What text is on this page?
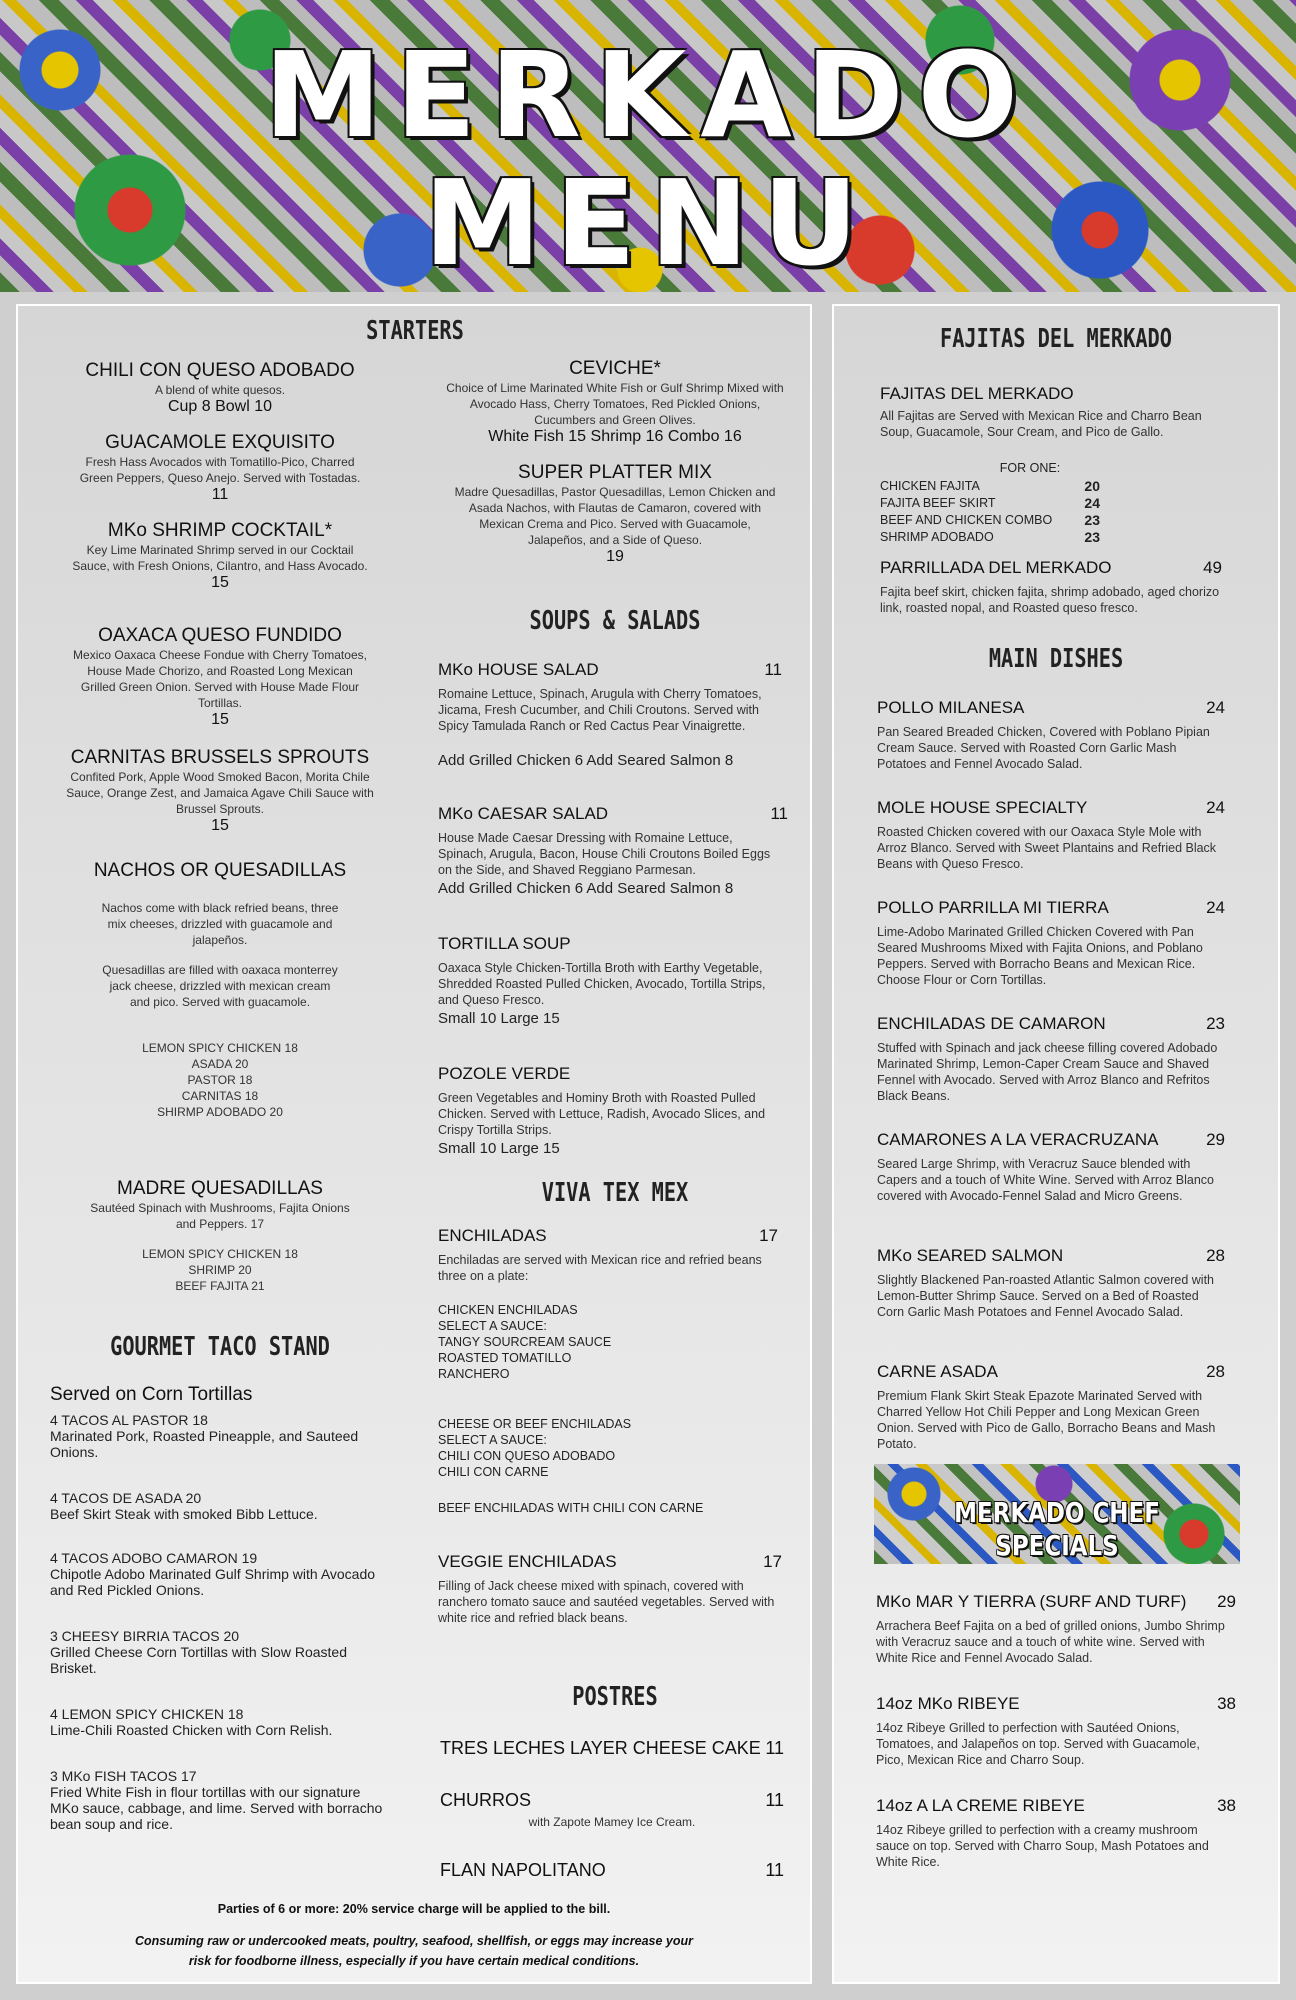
MERKADO
MENU
STARTERS
CHILI CON QUESO ADOBADO
A blend of white quesos.
Cup 8 Bowl 10
GUACAMOLE EXQUISITO
Fresh Hass Avocados with Tomatillo-Pico, Charred Green Peppers, Queso Anejo. Served with Tostadas.
11
MKo SHRIMP COCKTAIL*
Key Lime Marinated Shrimp served in our Cocktail Sauce, with Fresh Onions, Cilantro, and Hass Avocado.
15
OAXACA QUESO FUNDIDO
Mexico Oaxaca Cheese Fondue with Cherry Tomatoes, House Made Chorizo, and Roasted Long Mexican Grilled Green Onion. Served with House Made Flour Tortillas.
15
CARNITAS BRUSSELS SPROUTS
Confited Pork, Apple Wood Smoked Bacon, Morita Chile Sauce, Orange Zest, and Jamaica Agave Chili Sauce with Brussel Sprouts.
15
NACHOS OR QUESADILLAS
Nachos come with black refried beans, three mix cheeses, drizzled with guacamole and jalapeños.
Quesadillas are filled with oaxaca monterrey jack cheese, drizzled with mexican cream and pico. Served with guacamole.
LEMON SPICY CHICKEN 18
ASADA 20
PASTOR 18
CARNITAS 18
SHIRMP ADOBADO 20
MADRE QUESADILLAS
Sautéed Spinach with Mushrooms, Fajita Onions and Peppers. 17
LEMON SPICY CHICKEN 18
SHRIMP 20
BEEF FAJITA 21
CEVICHE*
Choice of Lime Marinated White Fish or Gulf Shrimp Mixed with Avocado Hass, Cherry Tomatoes, Red Pickled Onions, Cucumbers and Green Olives.
White Fish 15 Shrimp 16 Combo 16
SUPER PLATTER MIX
Madre Quesadillas, Pastor Quesadillas, Lemon Chicken and Asada Nachos, with Flautas de Camaron, covered with Mexican Crema and Pico. Served with Guacamole, Jalapeños, and a Side of Queso.
19
GOURMET TACO STAND
Served on Corn Tortillas
4 TACOS AL PASTOR 18
Marinated Pork, Roasted Pineapple, and Sauteed Onions.
4 TACOS DE ASADA 20
Beef Skirt Steak with smoked Bibb Lettuce.
4 TACOS ADOBO CAMARON 19
Chipotle Adobo Marinated Gulf Shrimp with Avocado and Red Pickled Onions.
3 CHEESY BIRRIA TACOS 20
Grilled Cheese Corn Tortillas with Slow Roasted Brisket.
4 LEMON SPICY CHICKEN 18
Lime-Chili Roasted Chicken with Corn Relish.
3 MKo FISH TACOS 17
Fried White Fish in flour tortillas with our signature MKo sauce, cabbage, and lime. Served with borracho bean soup and rice.
SOUPS & SALADS
MKo HOUSE SALAD	11
Romaine Lettuce, Spinach, Arugula with Cherry Tomatoes, Jicama, Fresh Cucumber, and Chili Croutons. Served with Spicy Tamulada Ranch or Red Cactus Pear Vinaigrette.
Add Grilled Chicken 6 Add Seared Salmon 8
MKo CAESAR SALAD	11
House Made Caesar Dressing with Romaine Lettuce, Spinach, Arugula, Bacon, House Chili Croutons Boiled Eggs on the Side, and Shaved Reggiano Parmesan.
Add Grilled Chicken 6 Add Seared Salmon 8
TORTILLA SOUP
Oaxaca Style Chicken-Tortilla Broth with Earthy Vegetable, Shredded Roasted Pulled Chicken, Avocado, Tortilla Strips, and Queso Fresco.
Small 10 Large 15
POZOLE VERDE
Green Vegetables and Hominy Broth with Roasted Pulled Chicken. Served with Lettuce, Radish, Avocado Slices, and Crispy Tortilla Strips.
Small 10 Large 15
VIVA TEX MEX
ENCHILADAS	17
Enchiladas are served with Mexican rice and refried beans three on a plate:
CHICKEN ENCHILADAS
SELECT A SAUCE:
TANGY SOURCREAM SAUCE
ROASTED TOMATILLO
RANCHERO
CHEESE OR BEEF ENCHILADAS
SELECT A SAUCE:
CHILI CON QUESO ADOBADO
CHILI CON CARNE
BEEF ENCHILADAS WITH CHILI CON CARNE
VEGGIE ENCHILADAS	17
Filling of Jack cheese mixed with spinach, covered with ranchero tomato sauce and sautéed vegetables. Served with white rice and refried black beans.
POSTRES
TRES LECHES LAYER CHEESE CAKE 11
CHURROS	11
with Zapote Mamey Ice Cream.
FLAN NAPOLITANO	11
Parties of 6 or more: 20% service charge will be applied to the bill.
Consuming raw or undercooked meats, poultry, seafood, shellfish, or eggs may increase your
risk for foodborne illness, especially if you have certain medical conditions.
FAJITAS DEL MERKADO
FAJITAS DEL MERKADO
All Fajitas are Served with Mexican Rice and Charro Bean Soup, Guacamole, Sour Cream, and Pico de Gallo.
FOR ONE:
CHICKEN FAJITA	20
FAJITA BEEF SKIRT	24
BEEF AND CHICKEN COMBO 23
SHRIMP ADOBADO	23
PARRILLADA DEL MERKADO	49
Fajita beef skirt, chicken fajita, shrimp adobado, aged chorizo link, roasted nopal, and Roasted queso fresco.
MAIN DISHES
POLLO MILANESA	24
Pan Seared Breaded Chicken, Covered with Poblano Pipian Cream Sauce. Served with Roasted Corn Garlic Mash Potatoes and Fennel Avocado Salad.
MOLE HOUSE SPECIALTY	24
Roasted Chicken covered with our Oaxaca Style Mole with Arroz Blanco. Served with Sweet Plantains and Refried Black Beans with Queso Fresco.
POLLO PARRILLA MI TIERRA	24
Lime-Adobo Marinated Grilled Chicken Covered with Pan Seared Mushrooms Mixed with Fajita Onions, and Poblano Peppers. Served with Borracho Beans and Mexican Rice. Choose Flour or Corn Tortillas.
ENCHILADAS DE CAMARON	23
Stuffed with Spinach and jack cheese filling covered Adobado Marinated Shrimp, Lemon-Caper Cream Sauce and Shaved Fennel with Avocado. Served with Arroz Blanco and Refritos Black Beans.
CAMARONES A LA VERACRUZANA	29
Seared Large Shrimp, with Veracruz Sauce blended with Capers and a touch of White Wine. Served with Arroz Blanco covered with Avocado-Fennel Salad and Micro Greens.
MKo SEARED SALMON	28
Slightly Blackened Pan-roasted Atlantic Salmon covered with Lemon-Butter Shrimp Sauce. Served on a Bed of Roasted Corn Garlic Mash Potatoes and Fennel Avocado Salad.
CARNE ASADA	28
Premium Flank Skirt Steak Epazote Marinated Served with Charred Yellow Hot Chili Pepper and Long Mexican Green Onion. Served with Pico de Gallo, Borracho Beans and Mash Potato.
MERKADO CHEF SPECIALS
MKo MAR Y TIERRA (SURF AND TURF) 29
Arrachera Beef Fajita on a bed of grilled onions, Jumbo Shrimp with Veracruz sauce and a touch of white wine. Served with White Rice and Fennel Avocado Salad.
14oz MKo RIBEYE	38
14oz Ribeye Grilled to perfection with Sautéed Onions, Tomatoes, and Jalapeños on top. Served with Guacamole, Pico, Mexican Rice and Charro Soup.
14oz A LA CREME RIBEYE	38
14oz Ribeye grilled to perfection with a creamy mushroom sauce on top. Served with Charro Soup, Mash Potatoes and White Rice.
